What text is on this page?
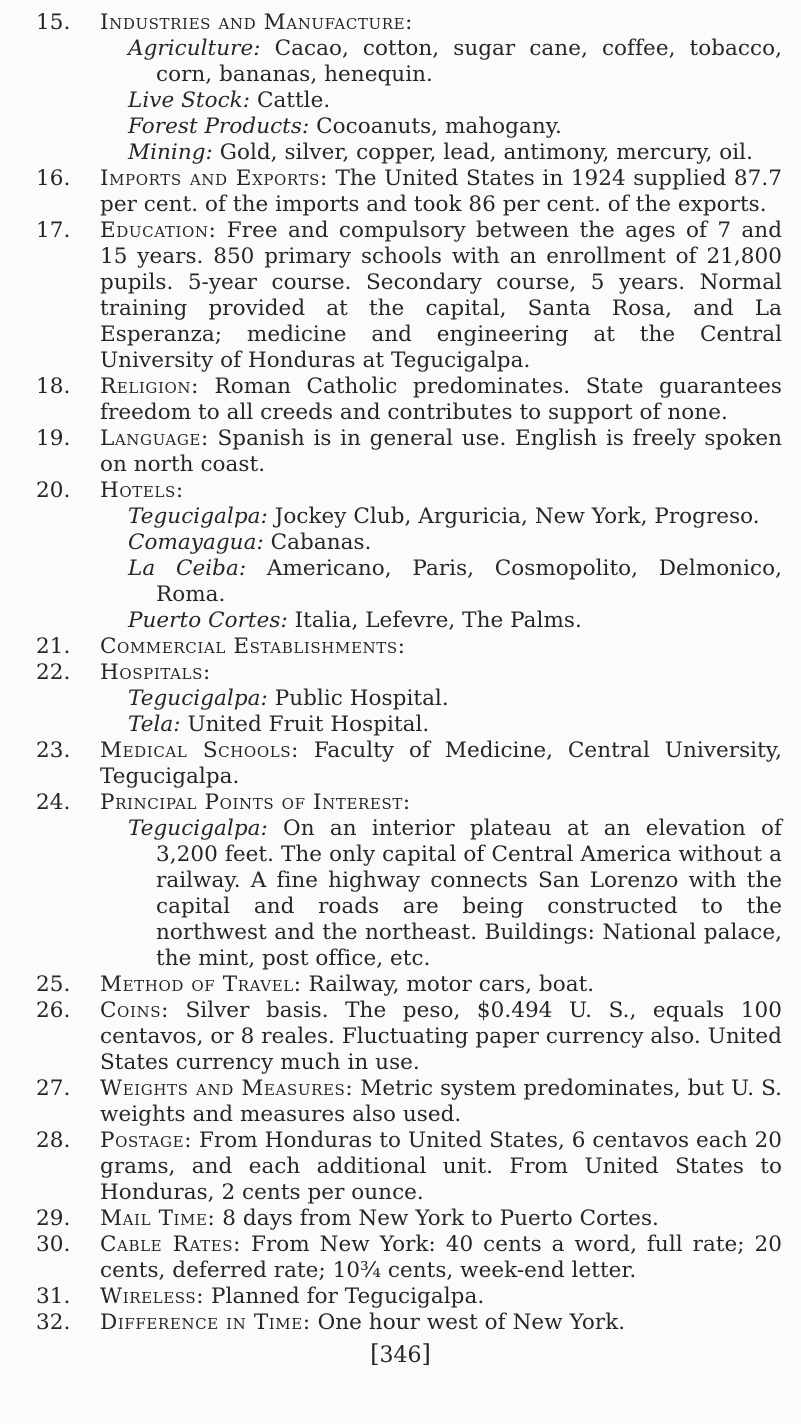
15.	Industries and Manufacture:
Agriculture: Cacao, cotton, sugar cane, coffee, tobacco, corn, bananas, henequin.
Live Stock: Cattle.
Forest Products: Cocoanuts, mahogany.
Mining: Gold, silver, copper, lead, antimony, mercury, oil.
16.	Imports and Exports: The United States in 1924 supplied 87.7 per cent. of the imports and took 86 per cent. of the exports.
17.	Education: Free and compulsory between the ages of 7 and 15 years. 850 primary schools with an enrollment of 21,800 pupils. 5-year course. Secondary course, 5 years. Normal training provided at the capital, Santa Rosa, and La Esperanza; medicine and engineering at the Central University of Honduras at Tegucigalpa.
18.	Religion: Roman Catholic predominates. State guarantees freedom to all creeds and contributes to support of none.
19.	Language: Spanish is in general use. English is freely spoken on north coast.
20.	Hotels:
Tegucigalpa: Jockey Club, Arguricia, New York, Progreso.
Comayagua: Cabanas.
La Ceiba: Americano, Paris, Cosmopolito, Delmonico, Roma.
Puerto Cortes: Italia, Lefevre, The Palms.
21.	Commercial Establishments:
22.	Hospitals:
Tegucigalpa: Public Hospital.
Tela: United Fruit Hospital.
23.	Medical Schools: Faculty of Medicine, Central University, Tegucigalpa.
24.	Principal Points of Interest:
Tegucigalpa: On an interior plateau at an elevation of 3,200 feet. The only capital of Central America without a railway. A fine highway connects San Lorenzo with the capital and roads are being constructed to the northwest and the northeast. Buildings: National palace, the mint, post office, etc.
25.	Method of Travel: Railway, motor cars, boat.
26.	Coins: Silver basis. The peso, $0.494 U. S., equals 100 centavos, or 8 reales. Fluctuating paper currency also. United States currency much in use.
27.	Weights and Measures: Metric system predominates, but U. S. weights and measures also used.
28.	Postage: From Honduras to United States, 6 centavos each 20 grams, and each additional unit. From United States to Honduras, 2 cents per ounce.
29.	Mail Time: 8 days from New York to Puerto Cortes.
30.	Cable Rates: From New York: 40 cents a word, full rate; 20 cents, deferred rate; 10¾ cents, week-end letter.
31.	Wireless: Planned for Tegucigalpa.
32.	Difference in Time: One hour west of New York.
[346]
